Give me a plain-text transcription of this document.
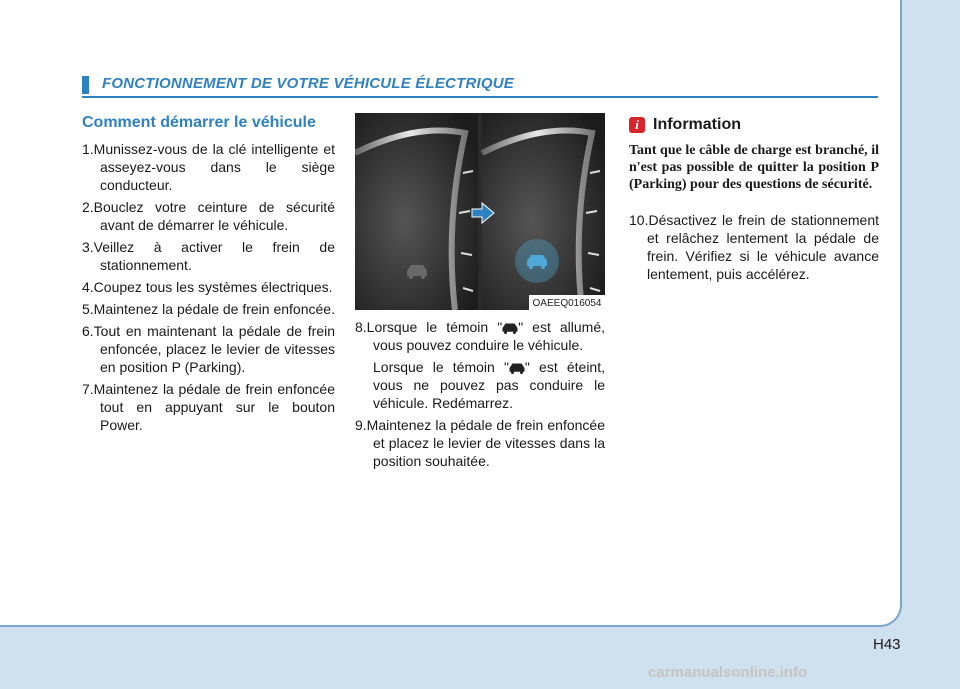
FONCTIONNEMENT DE VOTRE VÉHICULE ÉLECTRIQUE
Comment démarrer le véhicule
1.Munissez-vous de la clé intelligente et asseyez-vous dans le siège conducteur.
2.Bouclez votre ceinture de sécurité avant de démarrer le véhicule.
3.Veillez à activer le frein de stationnement.
4.Coupez tous les systèmes électriques.
5.Maintenez la pédale de frein enfoncée.
6.Tout en maintenant la pédale de frein enfoncée, placez le levier de vitesses en position P (Parking).
7.Maintenez la pédale de frein enfoncée tout en appuyant sur le bouton Power.
OAEEQ016054
8.Lorsque le témoin " " est allumé, vous pouvez conduire le véhicule.
Lorsque le témoin " " est éteint, vous ne pouvez pas conduire le véhicule. Redémarrez.
9.Maintenez la pédale de frein enfoncée et placez le levier de vitesses dans la position souhaitée.
i Information
Tant que le câble de charge est branché, il n'est pas possible de quitter la position P (Parking) pour des questions de sécurité.
10.Désactivez le frein de stationnement et relâchez lentement la pédale de frein. Vérifiez si le véhicule avance lentement, puis accélérez.
H43
carmanualsonline.info
